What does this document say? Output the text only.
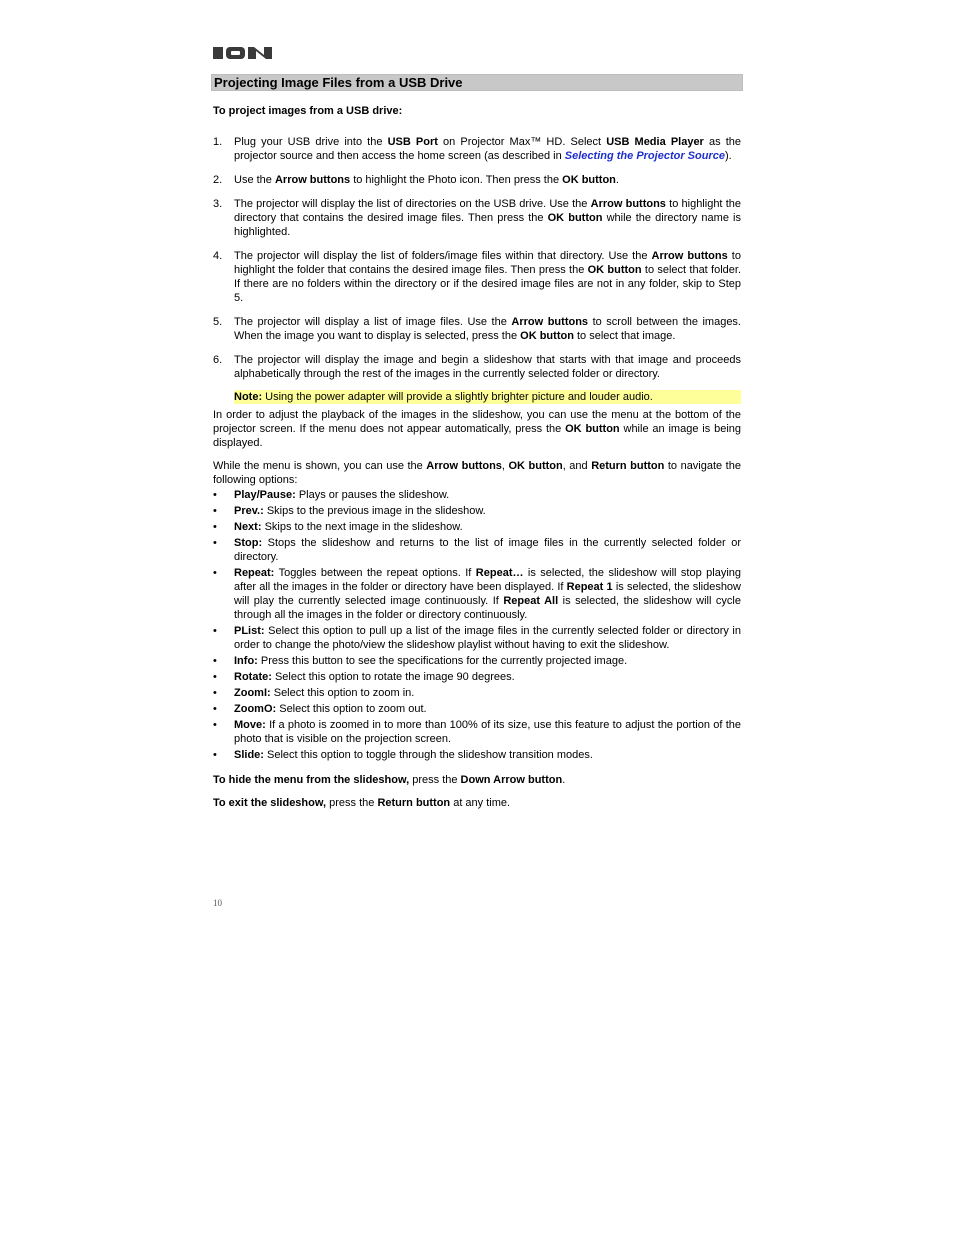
Projecting Image Files from a USB Drive

To project images from a USB drive:

1. Plug your USB drive into the USB Port on Projector Max™ HD. Select USB Media Player as the projector source and then access the home screen (as described in Selecting the Projector Source).
2. Use the Arrow buttons to highlight the Photo icon. Then press the OK button.
3. The projector will display the list of directories on the USB drive. Use the Arrow buttons to highlight the directory that contains the desired image files. Then press the OK button while the directory name is highlighted.
4. The projector will display the list of folders/image files within that directory. Use the Arrow buttons to highlight the folder that contains the desired image files. Then press the OK button to select that folder. If there are no folders within the directory or if the desired image files are not in any folder, skip to Step 5.
5. The projector will display a list of image files. Use the Arrow buttons to scroll between the images. When the image you want to display is selected, press the OK button to select that image.
6. The projector will display the image and begin a slideshow that starts with that image and proceeds alphabetically through the rest of the images in the currently selected folder or directory.

Note: Using the power adapter will provide a slightly brighter picture and louder audio.

In order to adjust the playback of the images in the slideshow, you can use the menu at the bottom of the projector screen. If the menu does not appear automatically, press the OK button while an image is being displayed.

While the menu is shown, you can use the Arrow buttons, OK button, and Return button to navigate the following options:

• Play/Pause: Plays or pauses the slideshow.
• Prev.: Skips to the previous image in the slideshow.
• Next: Skips to the next image in the slideshow.
• Stop: Stops the slideshow and returns to the list of image files in the currently selected folder or directory.
• Repeat: Toggles between the repeat options. If Repeat… is selected, the slideshow will stop playing after all the images in the folder or directory have been displayed. If Repeat 1 is selected, the slideshow will play the currently selected image continuously. If Repeat All is selected, the slideshow will cycle through all the images in the folder or directory continuously.
• PList: Select this option to pull up a list of the image files in the currently selected folder or directory in order to change the photo/view the slideshow playlist without having to exit the slideshow.
• Info: Press this button to see the specifications for the currently projected image.
• Rotate: Select this option to rotate the image 90 degrees.
• ZoomI: Select this option to zoom in.
• ZoomO: Select this option to zoom out.
• Move: If a photo is zoomed in to more than 100% of its size, use this feature to adjust the portion of the photo that is visible on the projection screen.
• Slide: Select this option to toggle through the slideshow transition modes.

To hide the menu from the slideshow, press the Down Arrow button.

To exit the slideshow, press the Return button at any time.

10
